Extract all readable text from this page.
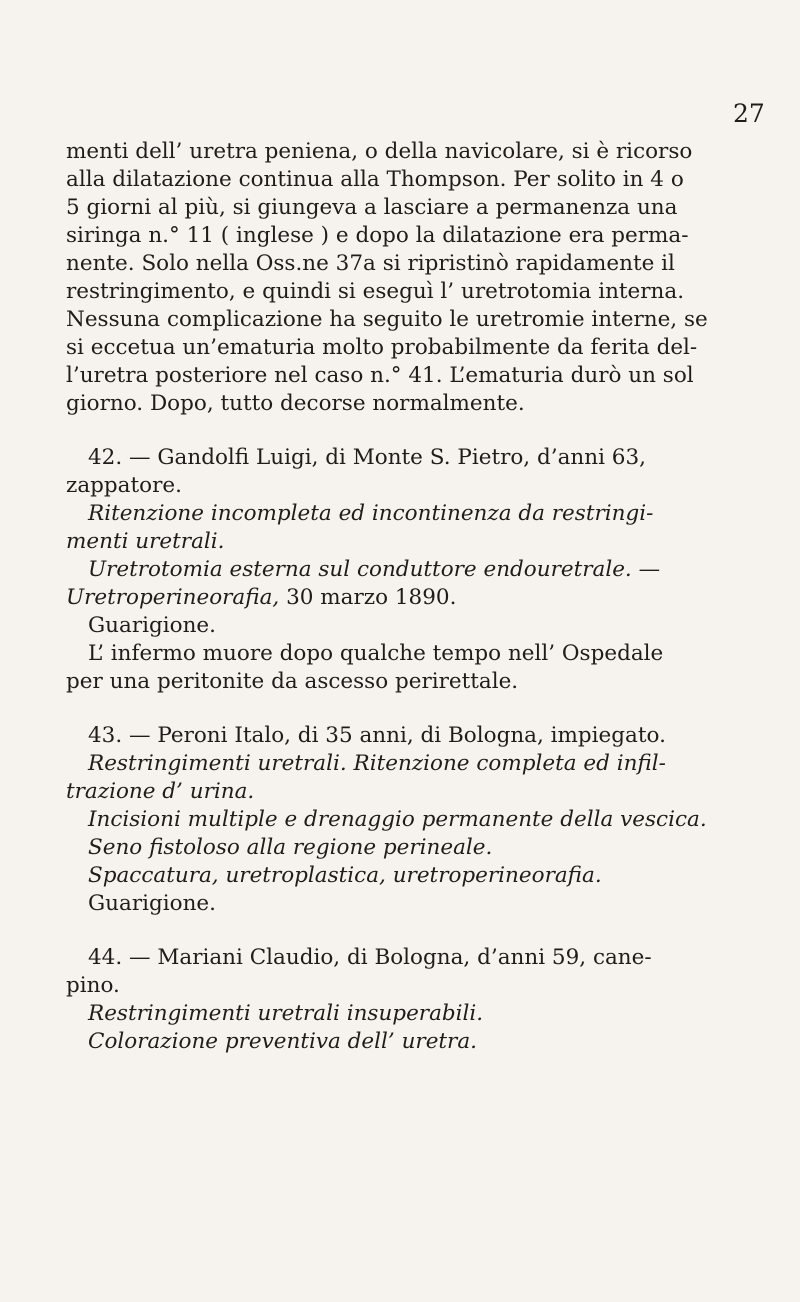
27

menti dell’ uretra peniena, o della navicolare, si è ricorso
alla dilatazione continua alla Thompson. Per solito in 4 o
5 giorni al più, si giungeva a lasciare a permanenza una
siringa n.° 11 ( inglese ) e dopo la dilatazione era perma-
nente. Solo nella Oss.ne 37a si ripristinò rapidamente il
restringimento, e quindi si eseguì l’ uretrotomia interna.
Nessuna complicazione ha seguito le uretromie interne, se
si eccetua un’ematuria molto probabilmente da ferita del-
l’uretra posteriore nel caso n.° 41. L’ematuria durò un sol
giorno. Dopo, tutto decorse normalmente.

42. — Gandolfi Luigi, di Monte S. Pietro, d’anni 63,
zappatore.
Ritenzione incompleta ed incontinenza da restringi-
menti uretrali.
Uretrotomia esterna sul conduttore endouretrale. —
Uretroperineorafia, 30 marzo 1890.
Guarigione.
L’ infermo muore dopo qualche tempo nell’ Ospedale
per una peritonite da ascesso perirettale.
43. — Peroni Italo, di 35 anni, di Bologna, impiegato.
Restringimenti uretrali. Ritenzione completa ed infil-
trazione d’ urina.
Incisioni multiple e drenaggio permanente della vescica.
Seno fistoloso alla regione perineale.
Spaccatura, uretroplastica, uretroperineorafia.
Guarigione.
44. — Mariani Claudio, di Bologna, d’anni 59, cane-
pino.
Restringimenti uretrali insuperabili.
Colorazione preventiva dell’ uretra.
